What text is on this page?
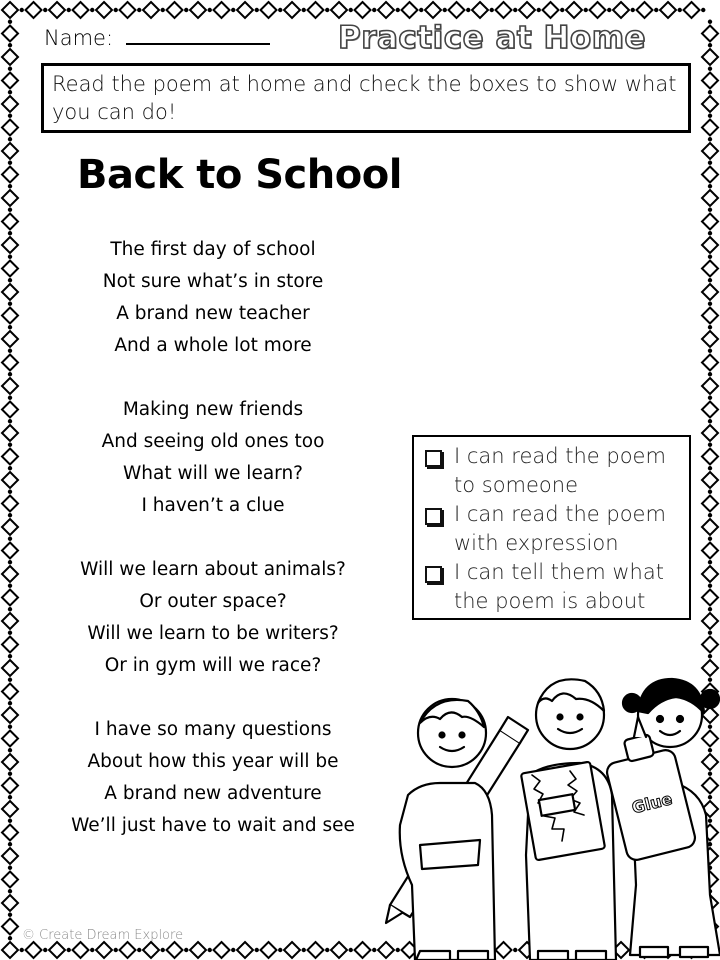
Name:	Practice at Home
Read the poem at home and check the boxes to show what you can do!
Back to School
The first day of school
Not sure what’s in store
A brand new teacher
And a whole lot more
Making new friends
And seeing old ones too
What will we learn?
I haven’t a clue
Will we learn about animals?
Or outer space?
Will we learn to be writers?
Or in gym will we race?
I have so many questions
About how this year will be
A brand new adventure
We’ll just have to wait and see
I can read the poem to someone
I can read the poem with expression
I can tell them what the poem is about
Glue
© Create Dream Explore
